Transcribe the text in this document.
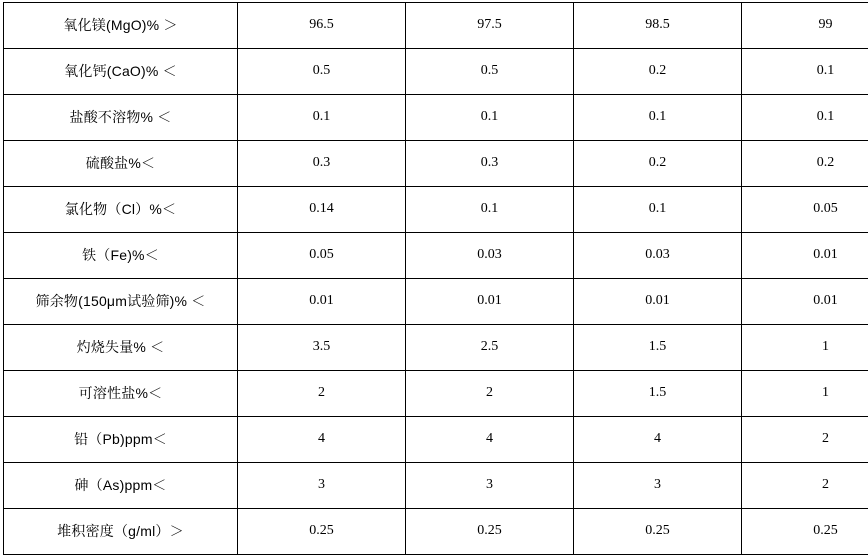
氧化镁(MgO)% ＞	96.5	97.5	98.5	99
氧化钙(CaO)% ＜	0.5	0.5	0.2	0.1
盐酸不溶物% ＜	0.1	0.1	0.1	0.1
硫酸盐%＜	0.3	0.3	0.2	0.2
氯化物（Cl）%＜	0.14	0.1	0.1	0.05
铁（Fe)%＜	0.05	0.03	0.03	0.01
筛余物(150μm试验筛)% ＜	0.01	0.01	0.01	0.01
灼烧失量% ＜	3.5	2.5	1.5	1
可溶性盐%＜	2	2	1.5	1
铅（Pb)ppm＜	4	4	4	2
砷（As)ppm＜	3	3	3	2
堆积密度（g/ml）＞	0.25	0.25	0.25	0.25
